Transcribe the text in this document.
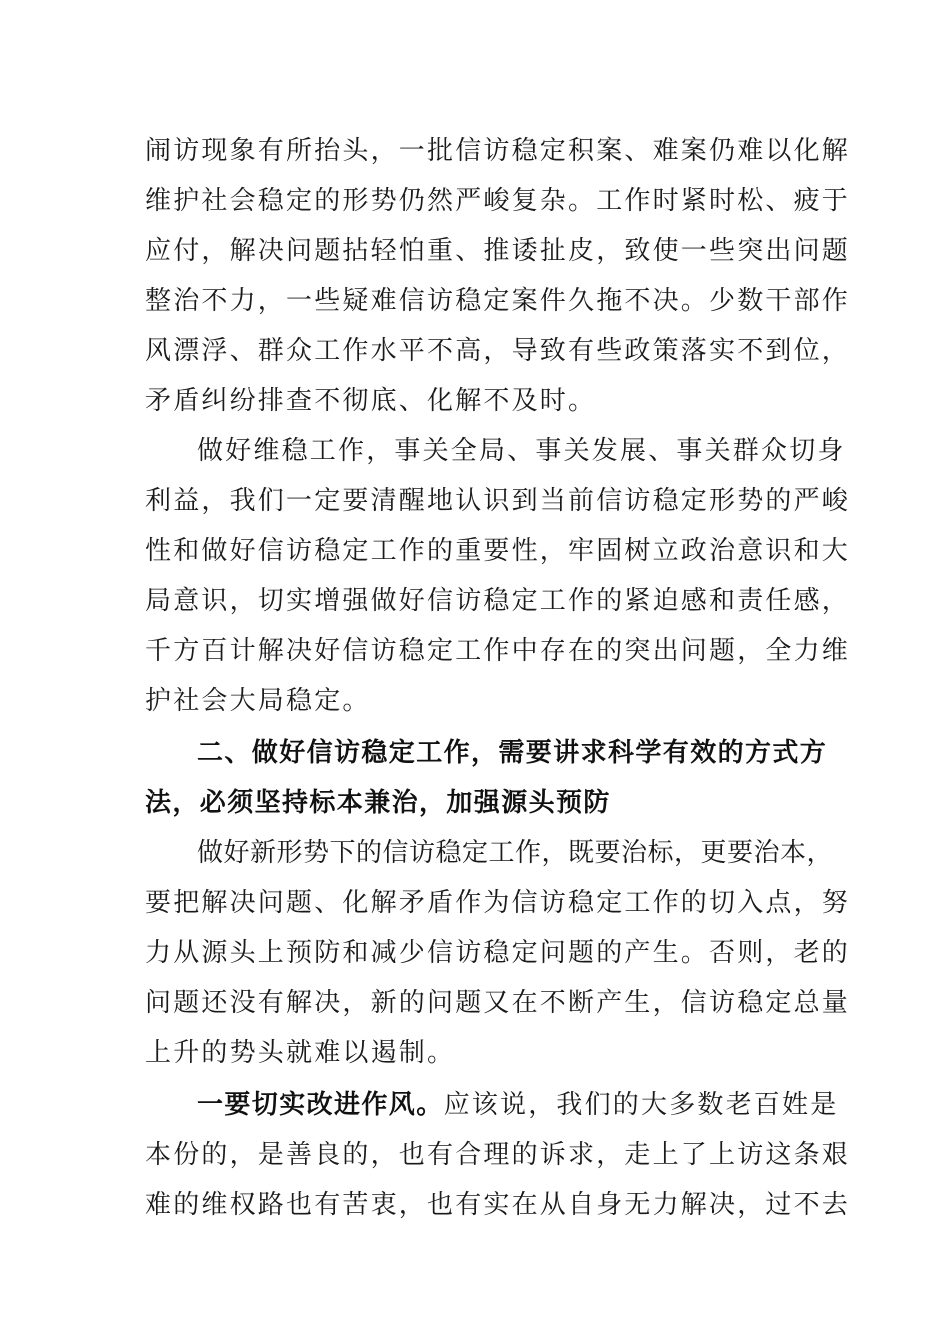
闹访现象有所抬头，一批信访稳定积案、难案仍难以化解
维护社会稳定的形势仍然严峻复杂。工作时紧时松、疲于
应付，解决问题拈轻怕重、推诿扯皮，致使一些突出问题
整治不力，一些疑难信访稳定案件久拖不决。少数干部作
风漂浮、群众工作水平不高，导致有些政策落实不到位，
矛盾纠纷排查不彻底、化解不及时。
做好维稳工作，事关全局、事关发展、事关群众切身
利益，我们一定要清醒地认识到当前信访稳定形势的严峻
性和做好信访稳定工作的重要性，牢固树立政治意识和大
局意识，切实增强做好信访稳定工作的紧迫感和责任感，
千方百计解决好信访稳定工作中存在的突出问题，全力维
护社会大局稳定。
二、做好信访稳定工作，需要讲求科学有效的方式方
法，必须坚持标本兼治，加强源头预防
做好新形势下的信访稳定工作，既要治标，更要治本，
要把解决问题、化解矛盾作为信访稳定工作的切入点，努
力从源头上预防和减少信访稳定问题的产生。否则，老的
问题还没有解决，新的问题又在不断产生，信访稳定总量
上升的势头就难以遏制。
一要切实改进作风。应该说，我们的大多数老百姓是
本份的，是善良的，也有合理的诉求，走上了上访这条艰
难的维权路也有苦衷，也有实在从自身无力解决，过不去
